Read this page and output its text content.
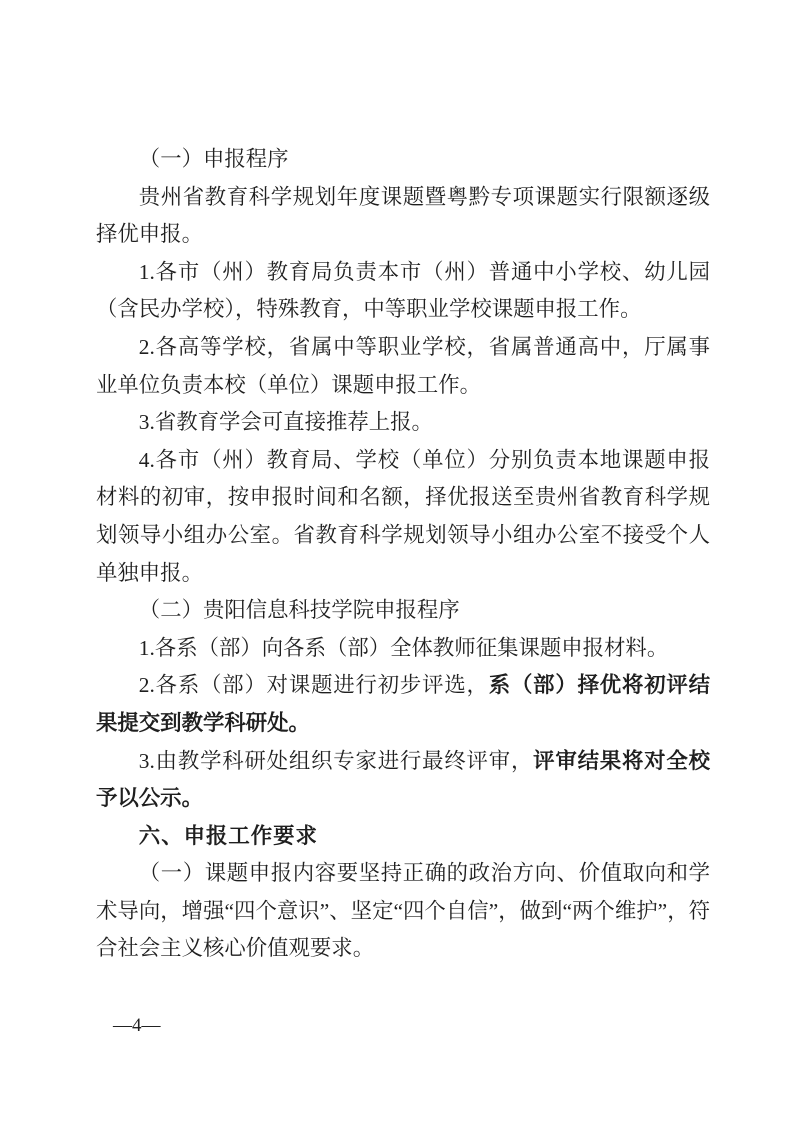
（一）申报程序

贵州省教育科学规划年度课题暨粤黔专项课题实行限额逐级择优申报。

1.各市（州）教育局负责本市（州）普通中小学校、幼儿园（含民办学校），特殊教育，中等职业学校课题申报工作。

2.各高等学校，省属中等职业学校，省属普通高中，厅属事业单位负责本校（单位）课题申报工作。

3.省教育学会可直接推荐上报。

4.各市（州）教育局、学校（单位）分别负责本地课题申报材料的初审，按申报时间和名额，择优报送至贵州省教育科学规划领导小组办公室。省教育科学规划领导小组办公室不接受个人单独申报。

（二）贵阳信息科技学院申报程序

1.各系（部）向各系（部）全体教师征集课题申报材料。

2.各系（部）对课题进行初步评选，系（部）择优将初评结果提交到教学科研处。

3.由教学科研处组织专家进行最终评审，评审结果将对全校予以公示。

六、申报工作要求

（一）课题申报内容要坚持正确的政治方向、价值取向和学术导向，增强“四个意识”、坚定“四个自信”，做到“两个维护”，符合社会主义核心价值观要求。

—4—
